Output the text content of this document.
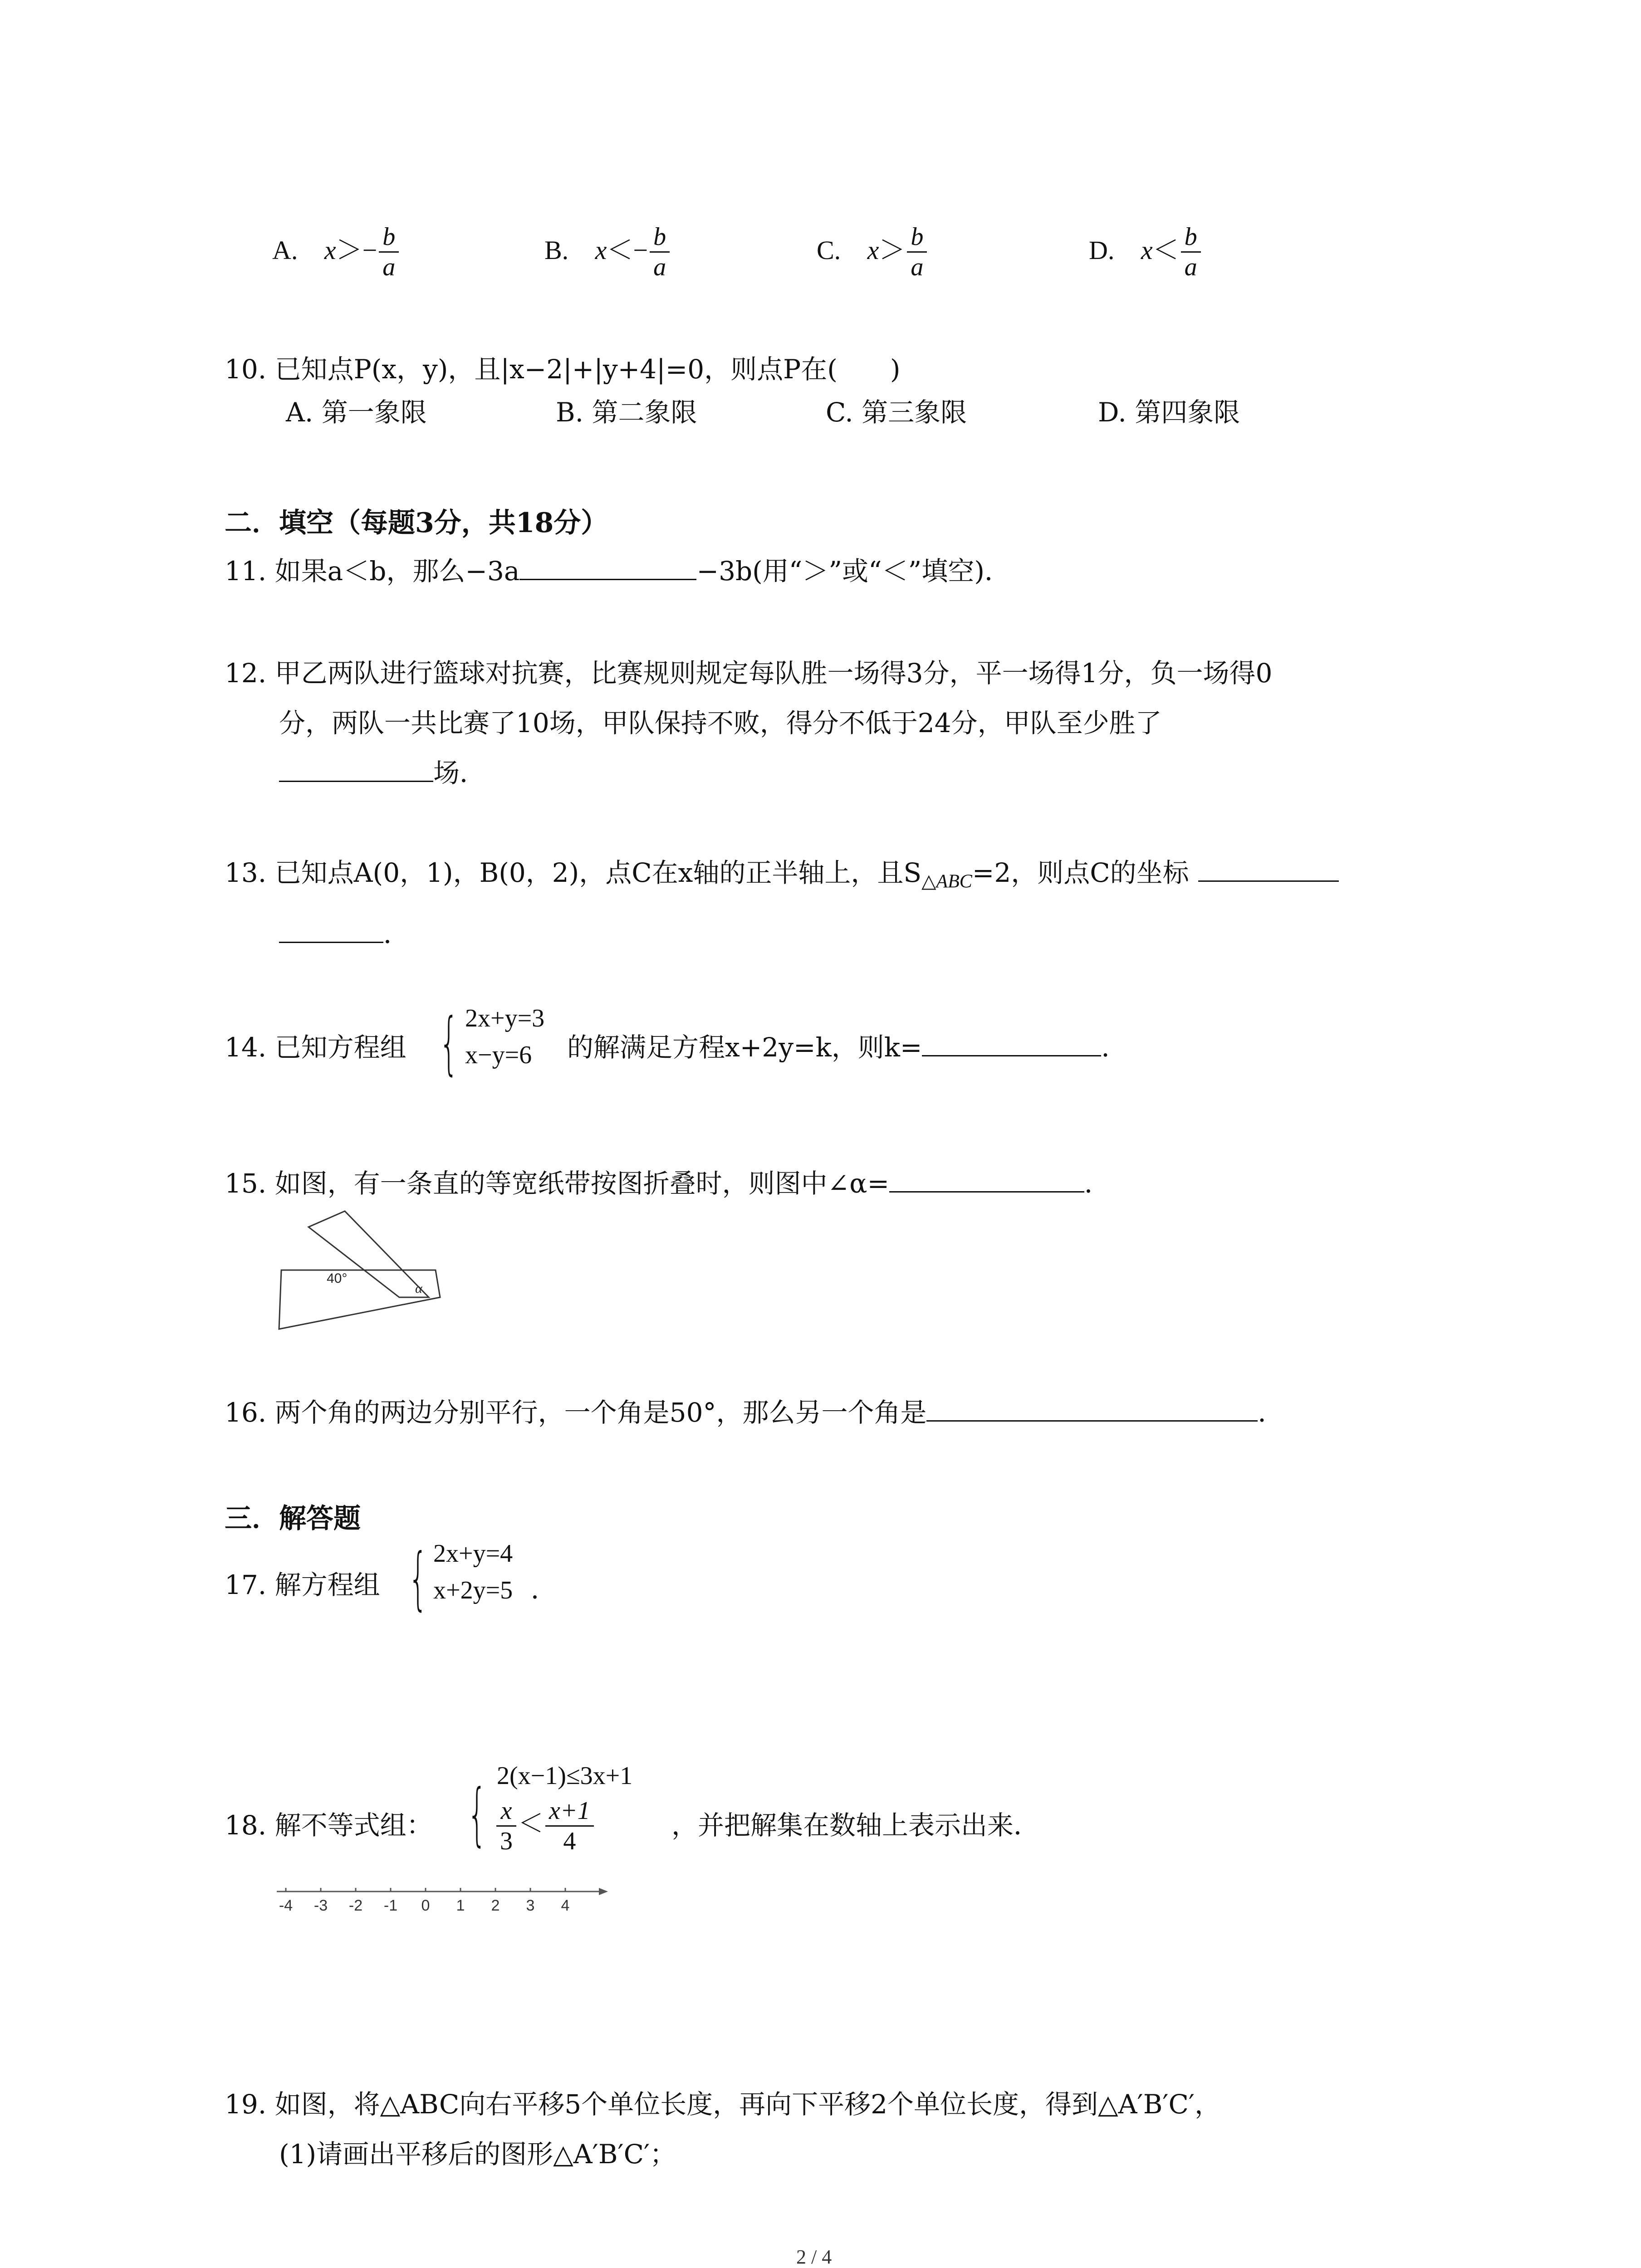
A. $x>- \frac{b}{a}$	B. $x<- \frac{b}{a}$	C. $x> \frac{b}{a}$	D. $x< \frac{b}{a}$
10. 已知点P(x，y)，且|x−2|+|y+4|=0，则点P在(　　)
A. 第一象限	B. 第二象限	C. 第三象限	D. 第四象限
二．填空（每题3分，共18分）
11. 如果a＜b，那么−3a	−3b(用“＞”或“＜”填空)．
12. 甲乙两队进行篮球对抗赛，比赛规则规定每队胜一场得3分，平一场得1分，负一场得0
分，两队一共比赛了10场，甲队保持不败，得分不低于24分，甲队至少胜了
场．
13. 已知点A(0，1)，B(0，2)，点C在x轴的正半轴上，且$S_{\triangle ABC}=2$，则点C的坐标
．
14. 已知方程组 { 2x+y=3
x−y=6	的解满足方程x+2y=k，则k=	．
15. 如图，有一条直的等宽纸带按图折叠时，则图中∠α=	．
40°
α
16. 两个角的两边分别平行，一个角是50°，那么另一个角是	．
三．解答题
17. 解方程组 { 2x+y=4
x+2y=5 ．
18. 解不等式组： { 2(x−1)≤3x+1
$\frac{x}{3} < \frac{x+1}{4}$	，并把解集在数轴上表示出来．
-4 -3 -2 -1 0 1 2 3 4
19. 如图，将△ABC向右平移5个单位长度，再向下平移2个单位长度，得到△A′B′C′，
(1)请画出平移后的图形△A′B′C′；
2 / 4
